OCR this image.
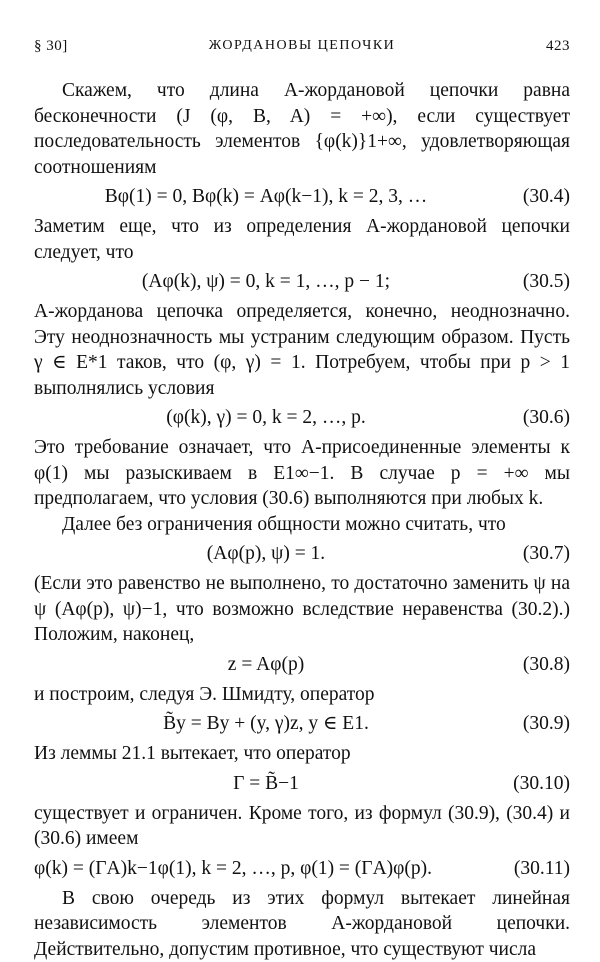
§ 30]	ЖОРДАНОВЫ ЦЕПОЧКИ	423

Скажем, что длина A-жордановой цепочки равна бесконечности (J (φ, B, A) = +∞), если существует последовательность элементов {φ(k)}1+∞, удовлетворяющая соотношениям

Bφ(1) = 0, Bφ(k) = Aφ(k−1), k = 2, 3, …	(30.4)

Заметим еще, что из определения A-жордановой цепочки следует, что

(Aφ(k), ψ) = 0, k = 1, …, p − 1;	(30.5)

A-жорданова цепочка определяется, конечно, неоднозначно. Эту неоднозначность мы устраним следующим образом. Пусть γ ∈ E*1 таков, что (φ, γ) = 1. Потребуем, чтобы при p > 1 выполнялись условия

(φ(k), γ) = 0, k = 2, …, p.	(30.6)

Это требование означает, что A-присоединенные элементы к φ(1) мы разыскиваем в E1∞−1. В случае p = +∞ мы предполагаем, что условия (30.6) выполняются при любых k.

Далее без ограничения общности можно считать, что

(Aφ(p), ψ) = 1.	(30.7)

(Если это равенство не выполнено, то достаточно заменить ψ на ψ (Aφ(p), ψ)−1, что возможно вследствие неравенства (30.2).) Положим, наконец,

z = Aφ(p)	(30.8)

и построим, следуя Э. Шмидту, оператор

B̃y = By + (y, γ)z, y ∈ E1.	(30.9)

Из леммы 21.1 вытекает, что оператор

Γ = B̃−1	(30.10)

существует и ограничен. Кроме того, из формул (30.9), (30.4) и (30.6) имеем

φ(k) = (ΓA)k−1φ(1), k = 2, …, p, φ(1) = (ΓA)φ(p).	(30.11)

В свою очередь из этих формул вытекает линейная независимость элементов A-жордановой цепочки. Действительно, допустим противное, что существуют числа
